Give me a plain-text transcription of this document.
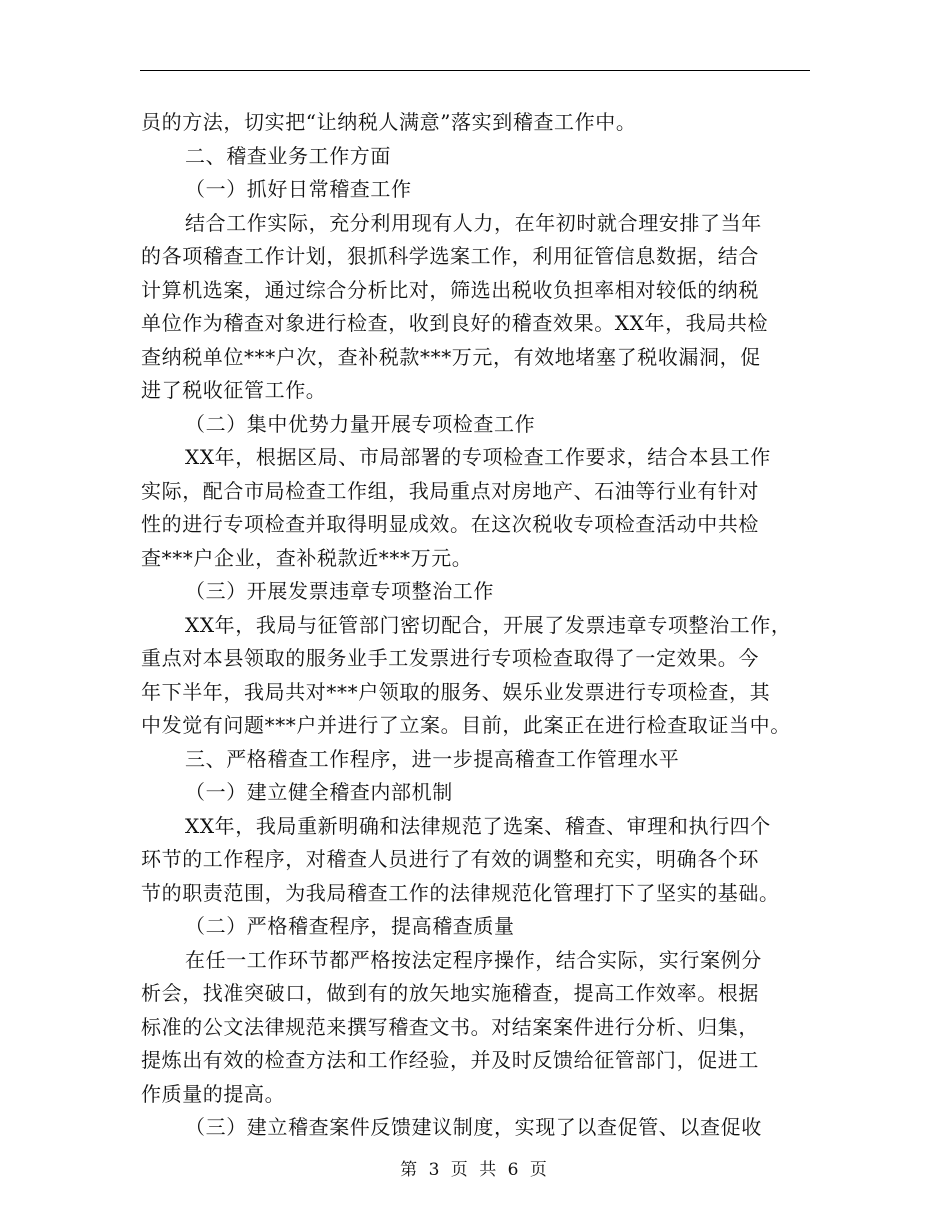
员的方法，切实把“让纳税人满意”落实到稽查工作中。
二、稽查业务工作方面
（一）抓好日常稽查工作
结合工作实际，充分利用现有人力，在年初时就合理安排了当年
的各项稽查工作计划，狠抓科学选案工作，利用征管信息数据，结合
计算机选案，通过综合分析比对，筛选出税收负担率相对较低的纳税
单位作为稽查对象进行检查，收到良好的稽查效果。XX年，我局共检
查纳税单位***户次，查补税款***万元，有效地堵塞了税收漏洞，促
进了税收征管工作。
（二）集中优势力量开展专项检查工作
XX年，根据区局、市局部署的专项检查工作要求，结合本县工作
实际，配合市局检查工作组，我局重点对房地产、石油等行业有针对
性的进行专项检查并取得明显成效。在这次税收专项检查活动中共检
查***户企业，查补税款近***万元。
（三）开展发票违章专项整治工作
XX年，我局与征管部门密切配合，开展了发票违章专项整治工作，
重点对本县领取的服务业手工发票进行专项检查取得了一定效果。今
年下半年，我局共对***户领取的服务、娱乐业发票进行专项检查，其
中发觉有问题***户并进行了立案。目前，此案正在进行检查取证当中。
三、严格稽查工作程序，进一步提高稽查工作管理水平
（一）建立健全稽查内部机制
XX年，我局重新明确和法律规范了选案、稽查、审理和执行四个
环节的工作程序，对稽查人员进行了有效的调整和充实，明确各个环
节的职责范围，为我局稽查工作的法律规范化管理打下了坚实的基础。
（二）严格稽查程序，提高稽查质量
在任一工作环节都严格按法定程序操作，结合实际，实行案例分
析会，找准突破口，做到有的放矢地实施稽查，提高工作效率。根据
标准的公文法律规范来撰写稽查文书。对结案案件进行分析、归集，
提炼出有效的检查方法和工作经验，并及时反馈给征管部门，促进工
作质量的提高。
（三）建立稽查案件反馈建议制度，实现了以查促管、以查促收
第 3 页 共 6 页
